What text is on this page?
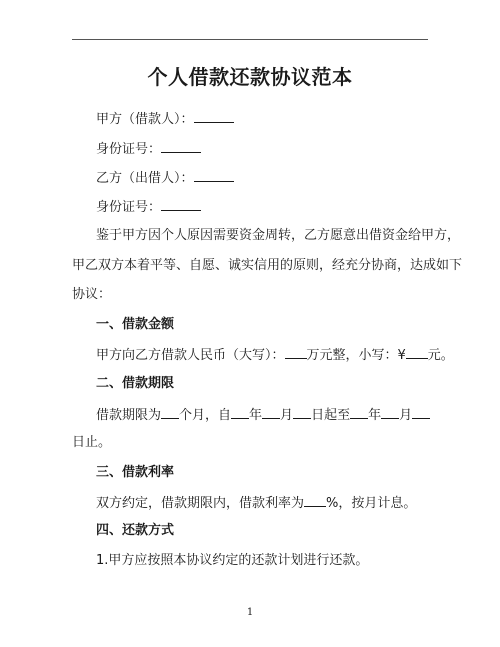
个人借款还款协议范本

甲方（借款人）：

身份证号：

乙方（出借人）：

身份证号：

鉴于甲方因个人原因需要资金周转，乙方愿意出借资金给甲方，

甲乙双方本着平等、自愿、诚实信用的原则，经充分协商，达成如下

协议：

一、借款金额

甲方向乙方借款人民币（大写）： 万元整，小写：¥ 元。

二、借款期限

借款期限为 个月，自 年 月 日起至 年 月

日止。

三、借款利率

双方约定，借款期限内，借款利率为 %，按月计息。

四、还款方式

1.甲方应按照本协议约定的还款计划进行还款。

1
